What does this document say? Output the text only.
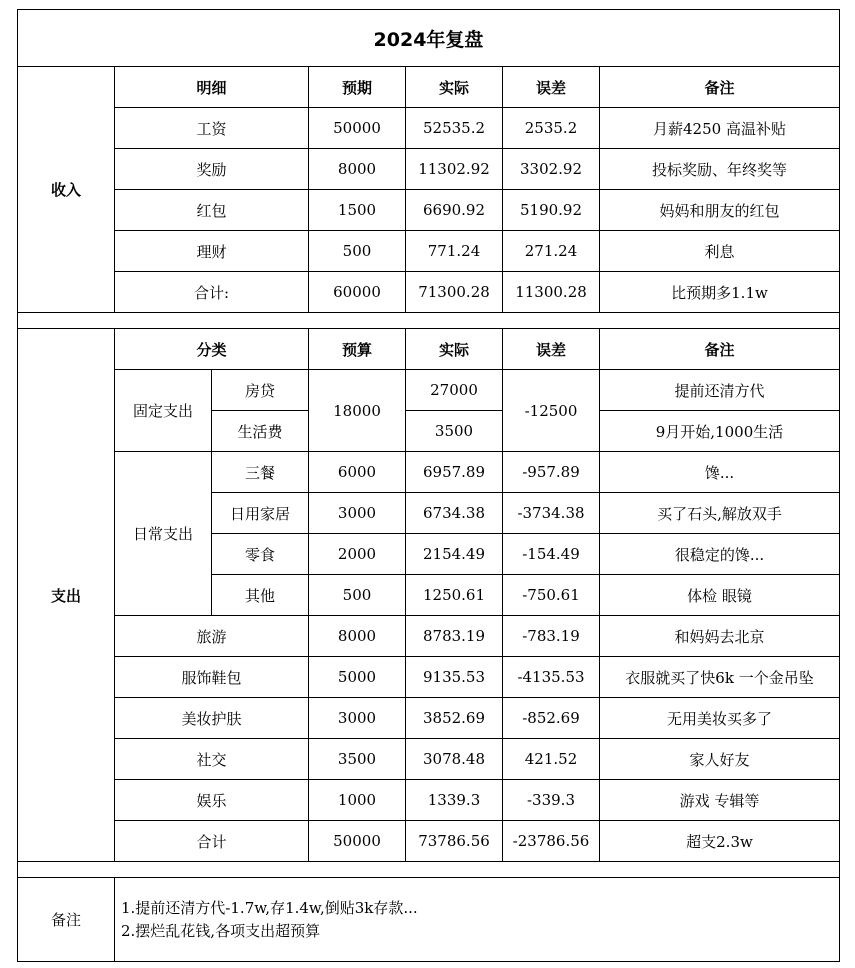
2024年复盘						
收入	明细		预期	实际	误差	备注
	工资		50000	52535.2	2535.2	月薪4250 高温补贴
	奖励		8000	11302.92	3302.92	投标奖励、年终奖等
	红包		1500	6690.92	5190.92	妈妈和朋友的红包
	理财		500	771.24	271.24	利息
	合计:		60000	71300.28	11300.28	比预期多1.1w

支出	分类		预算	实际	误差	备注
	固定支出	房贷	18000	27000	-12500	提前还清方代
		生活费		3500		9月开始,1000生活
	日常支出	三餐	6000	6957.89	-957.89	馋...
		日用家居	3000	6734.38	-3734.38	买了石头,解放双手
		零食	2000	2154.49	-154.49	很稳定的馋...
		其他	500	1250.61	-750.61	体检 眼镜
	旅游		8000	8783.19	-783.19	和妈妈去北京
	服饰鞋包		5000	9135.53	-4135.53	衣服就买了快6k 一个金吊坠
	美妆护肤		3000	3852.69	-852.69	无用美妆买多了
	社交		3500	3078.48	421.52	家人好友
	娱乐		1000	1339.3	-339.3	游戏 专辑等
	合计		50000	73786.56	-23786.56	超支2.3w

备注	1.提前还清方代-1.7w,存1.4w,倒贴3k存款...
2.摆烂乱花钱,各项支出超预算					
